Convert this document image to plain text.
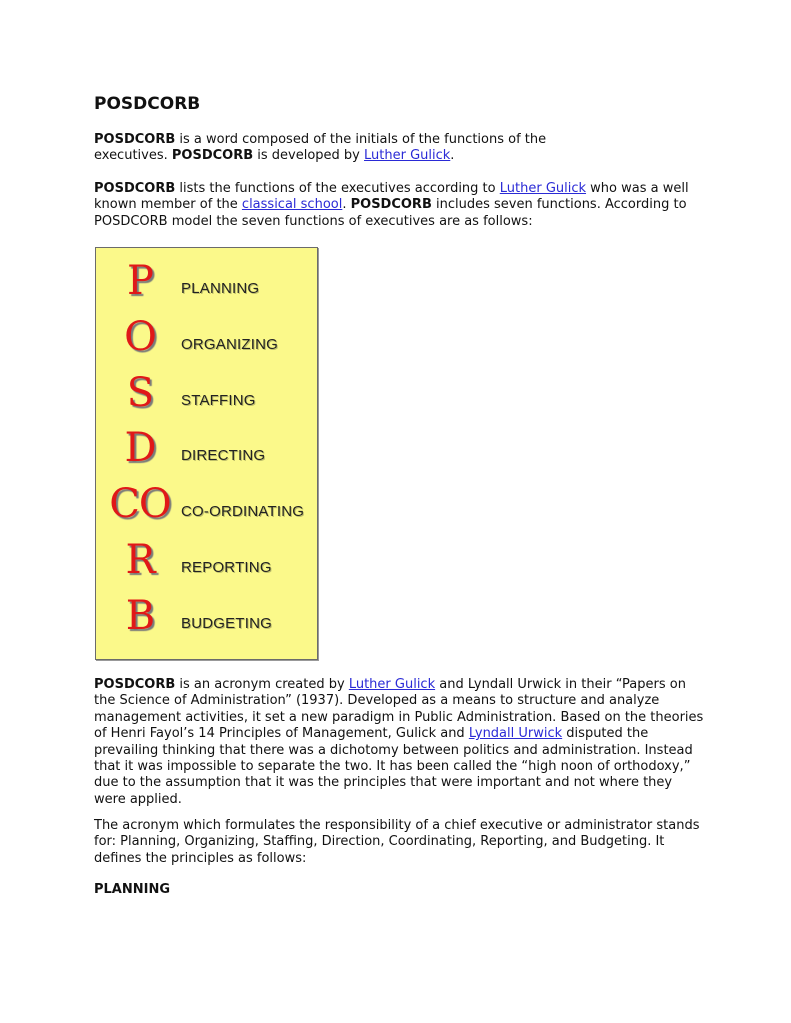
POSDCORB

POSDCORB is a word composed of the initials of the functions of the executives. POSDCORB is developed by Luther Gulick.

POSDCORB lists the functions of the executives according to Luther Gulick who was a well known member of the classical school. POSDCORB includes seven functions. According to POSDCORB model the seven functions of executives are as follows:

POSDCORB is an acronym created by Luther Gulick and Lyndall Urwick in their “Papers on the Science of Administration” (1937). Developed as a means to structure and analyze management activities, it set a new paradigm in Public Administration. Based on the theories of Henri Fayol’s 14 Principles of Management, Gulick and Lyndall Urwick disputed the prevailing thinking that there was a dichotomy between politics and administration. Instead that it was impossible to separate the two. It has been called the “high noon of orthodoxy,” due to the assumption that it was the principles that were important and not where they were applied.

The acronym which formulates the responsibility of a chief executive or administrator stands for: Planning, Organizing, Staffing, Direction, Coordinating, Reporting, and Budgeting. It defines the principles as follows:

PLANNING
P	PLANNING
O	ORGANIZING
S	STAFFING
D	DIRECTING
CO CO-ORDINATING
R	REPORTING
B	BUDGETING
